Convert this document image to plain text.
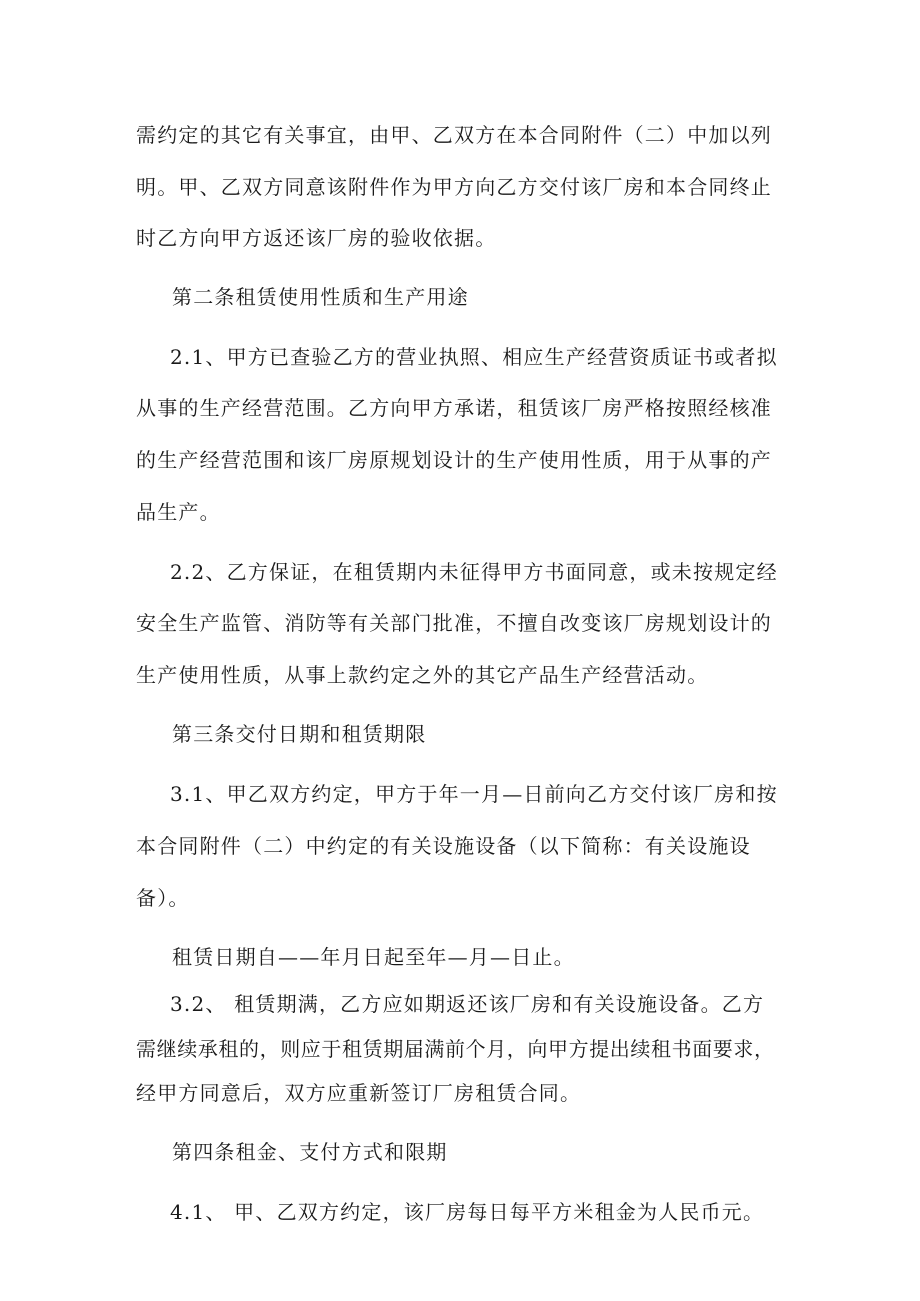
需约定的其它有关事宜，由甲、乙双方在本合同附件（二）中加以列
明。甲、乙双方同意该附件作为甲方向乙方交付该厂房和本合同终止
时乙方向甲方返还该厂房的验收依据。
第二条租赁使用性质和生产用途
2.1、甲方已查验乙方的营业执照、相应生产经营资质证书或者拟
从事的生产经营范围。乙方向甲方承诺，租赁该厂房严格按照经核准
的生产经营范围和该厂房原规划设计的生产使用性质，用于从事的产
品生产。
2.2、乙方保证，在租赁期内未征得甲方书面同意，或未按规定经
安全生产监管、消防等有关部门批准，不擅自改变该厂房规划设计的
生产使用性质，从事上款约定之外的其它产品生产经营活动。
第三条交付日期和租赁期限
3.1、甲乙双方约定，甲方于年一月—日前向乙方交付该厂房和按
本合同附件（二）中约定的有关设施设备（以下简称：有关设施设
备）。
租赁日期自——年月日起至年—月—日止。
3.2、 租赁期满，乙方应如期返还该厂房和有关设施设备。乙方
需继续承租的，则应于租赁期届满前个月，向甲方提出续租书面要求，
经甲方同意后，双方应重新签订厂房租赁合同。
第四条租金、支付方式和限期
4.1、 甲、乙双方约定，该厂房每日每平方米租金为人民币元。
